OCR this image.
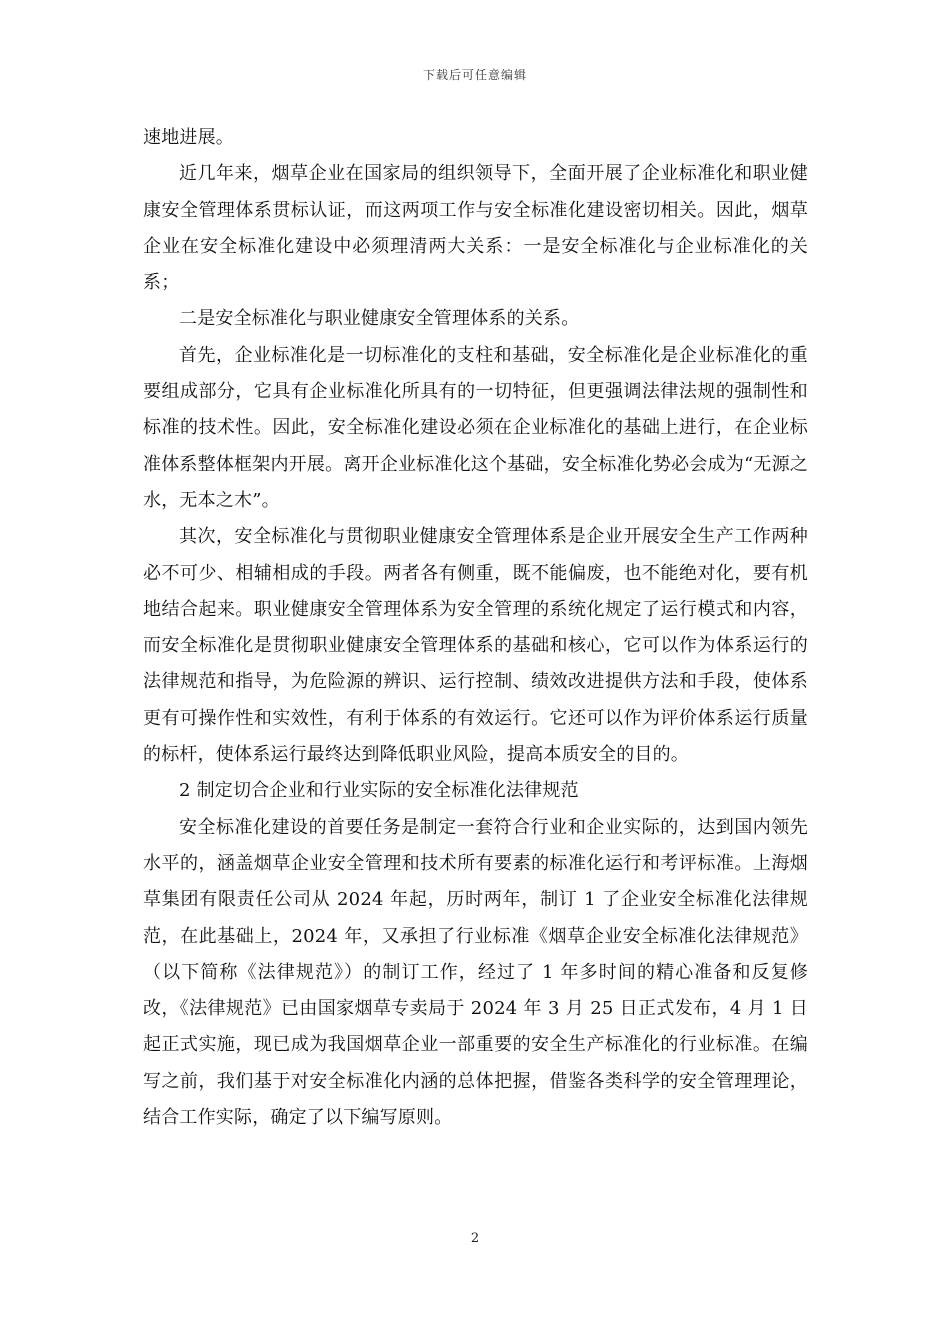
下载后可任意编辑

速地进展。

近几年来，烟草企业在国家局的组织领导下，全面开展了企业标准化和职业健康安全管理体系贯标认证，而这两项工作与安全标准化建设密切相关。因此，烟草企业在安全标准化建设中必须理清两大关系：一是安全标准化与企业标准化的关系；

二是安全标准化与职业健康安全管理体系的关系。

首先，企业标准化是一切标准化的支柱和基础，安全标准化是企业标准化的重要组成部分，它具有企业标准化所具有的一切特征，但更强调法律法规的强制性和标准的技术性。因此，安全标准化建设必须在企业标准化的基础上进行，在企业标准体系整体框架内开展。离开企业标准化这个基础，安全标准化势必会成为“无源之水，无本之木”。

其次，安全标准化与贯彻职业健康安全管理体系是企业开展安全生产工作两种必不可少、相辅相成的手段。两者各有侧重，既不能偏废，也不能绝对化，要有机地结合起来。职业健康安全管理体系为安全管理的系统化规定了运行模式和内容，而安全标准化是贯彻职业健康安全管理体系的基础和核心，它可以作为体系运行的法律规范和指导，为危险源的辨识、运行控制、绩效改进提供方法和手段，使体系更有可操作性和实效性，有利于体系的有效运行。它还可以作为评价体系运行质量的标杆，使体系运行最终达到降低职业风险，提高本质安全的目的。

2 制定切合企业和行业实际的安全标准化法律规范

安全标准化建设的首要任务是制定一套符合行业和企业实际的，达到国内领先水平的，涵盖烟草企业安全管理和技术所有要素的标准化运行和考评标准。上海烟草集团有限责任公司从 2024 年起，历时两年，制订 1 了企业安全标准化法律规范，在此基础上，2024 年，又承担了行业标准《烟草企业安全标准化法律规范》（以下简称《法律规范》）的制订工作，经过了 1 年多时间的精心准备和反复修改，《法律规范》已由国家烟草专卖局于 2024 年 3 月 25 日正式发布，4 月 1 日起正式实施，现已成为我国烟草企业一部重要的安全生产标准化的行业标准。在编写之前，我们基于对安全标准化内涵的总体把握，借鉴各类科学的安全管理理论，结合工作实际，确定了以下编写原则。

2
